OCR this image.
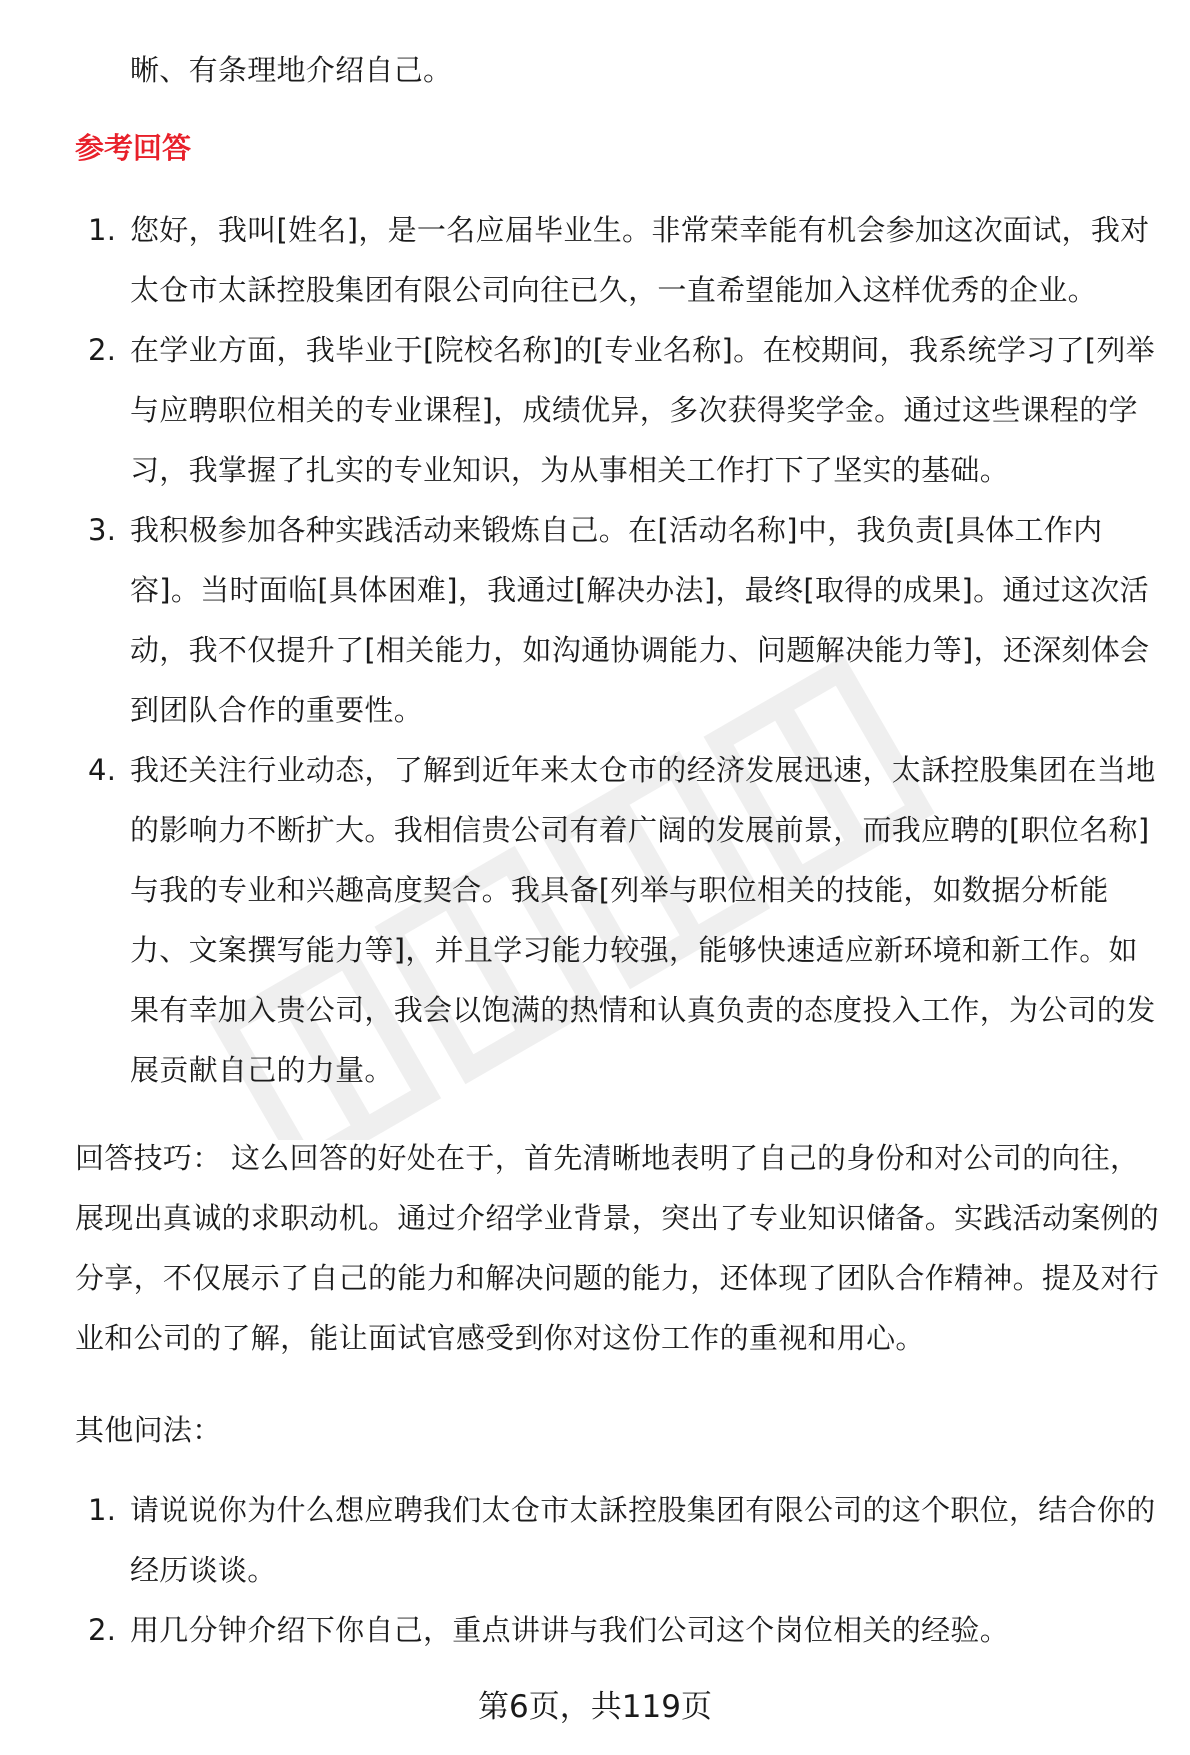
晰、有条理地介绍自己。
参考回答
1. 您好，我叫[姓名]，是一名应届毕业生。非常荣幸能有机会参加这次面试，我对太仓市太訸控股集团有限公司向往已久，一直希望能加入这样优秀的企业。
2. 在学业方面，我毕业于[院校名称]的[专业名称]。在校期间，我系统学习了[列举与应聘职位相关的专业课程]，成绩优异，多次获得奖学金。通过这些课程的学习，我掌握了扎实的专业知识，为从事相关工作打下了坚实的基础。
3. 我积极参加各种实践活动来锻炼自己。在[活动名称]中，我负责[具体工作内容]。当时面临[具体困难]，我通过[解决办法]，最终[取得的成果]。通过这次活动，我不仅提升了[相关能力，如沟通协调能力、问题解决能力等]，还深刻体会到团队合作的重要性。
4. 我还关注行业动态，了解到近年来太仓市的经济发展迅速，太訸控股集团在当地的影响力不断扩大。我相信贵公司有着广阔的发展前景，而我应聘的[职位名称]与我的专业和兴趣高度契合。我具备[列举与职位相关的技能，如数据分析能力、文案撰写能力等]，并且学习能力较强，能够快速适应新环境和新工作。如果有幸加入贵公司，我会以饱满的热情和认真负责的态度投入工作，为公司的发展贡献自己的力量。
回答技巧： 这么回答的好处在于，首先清晰地表明了自己的身份和对公司的向往，展现出真诚的求职动机。通过介绍学业背景，突出了专业知识储备。实践活动案例的分享，不仅展示了自己的能力和解决问题的能力，还体现了团队合作精神。提及对行业和公司的了解，能让面试官感受到你对这份工作的重视和用心。
其他问法：
1. 请说说你为什么想应聘我们太仓市太訸控股集团有限公司的这个职位，结合你的经历谈谈。
2. 用几分钟介绍下你自己，重点讲讲与我们公司这个岗位相关的经验。
第6页，共119页
